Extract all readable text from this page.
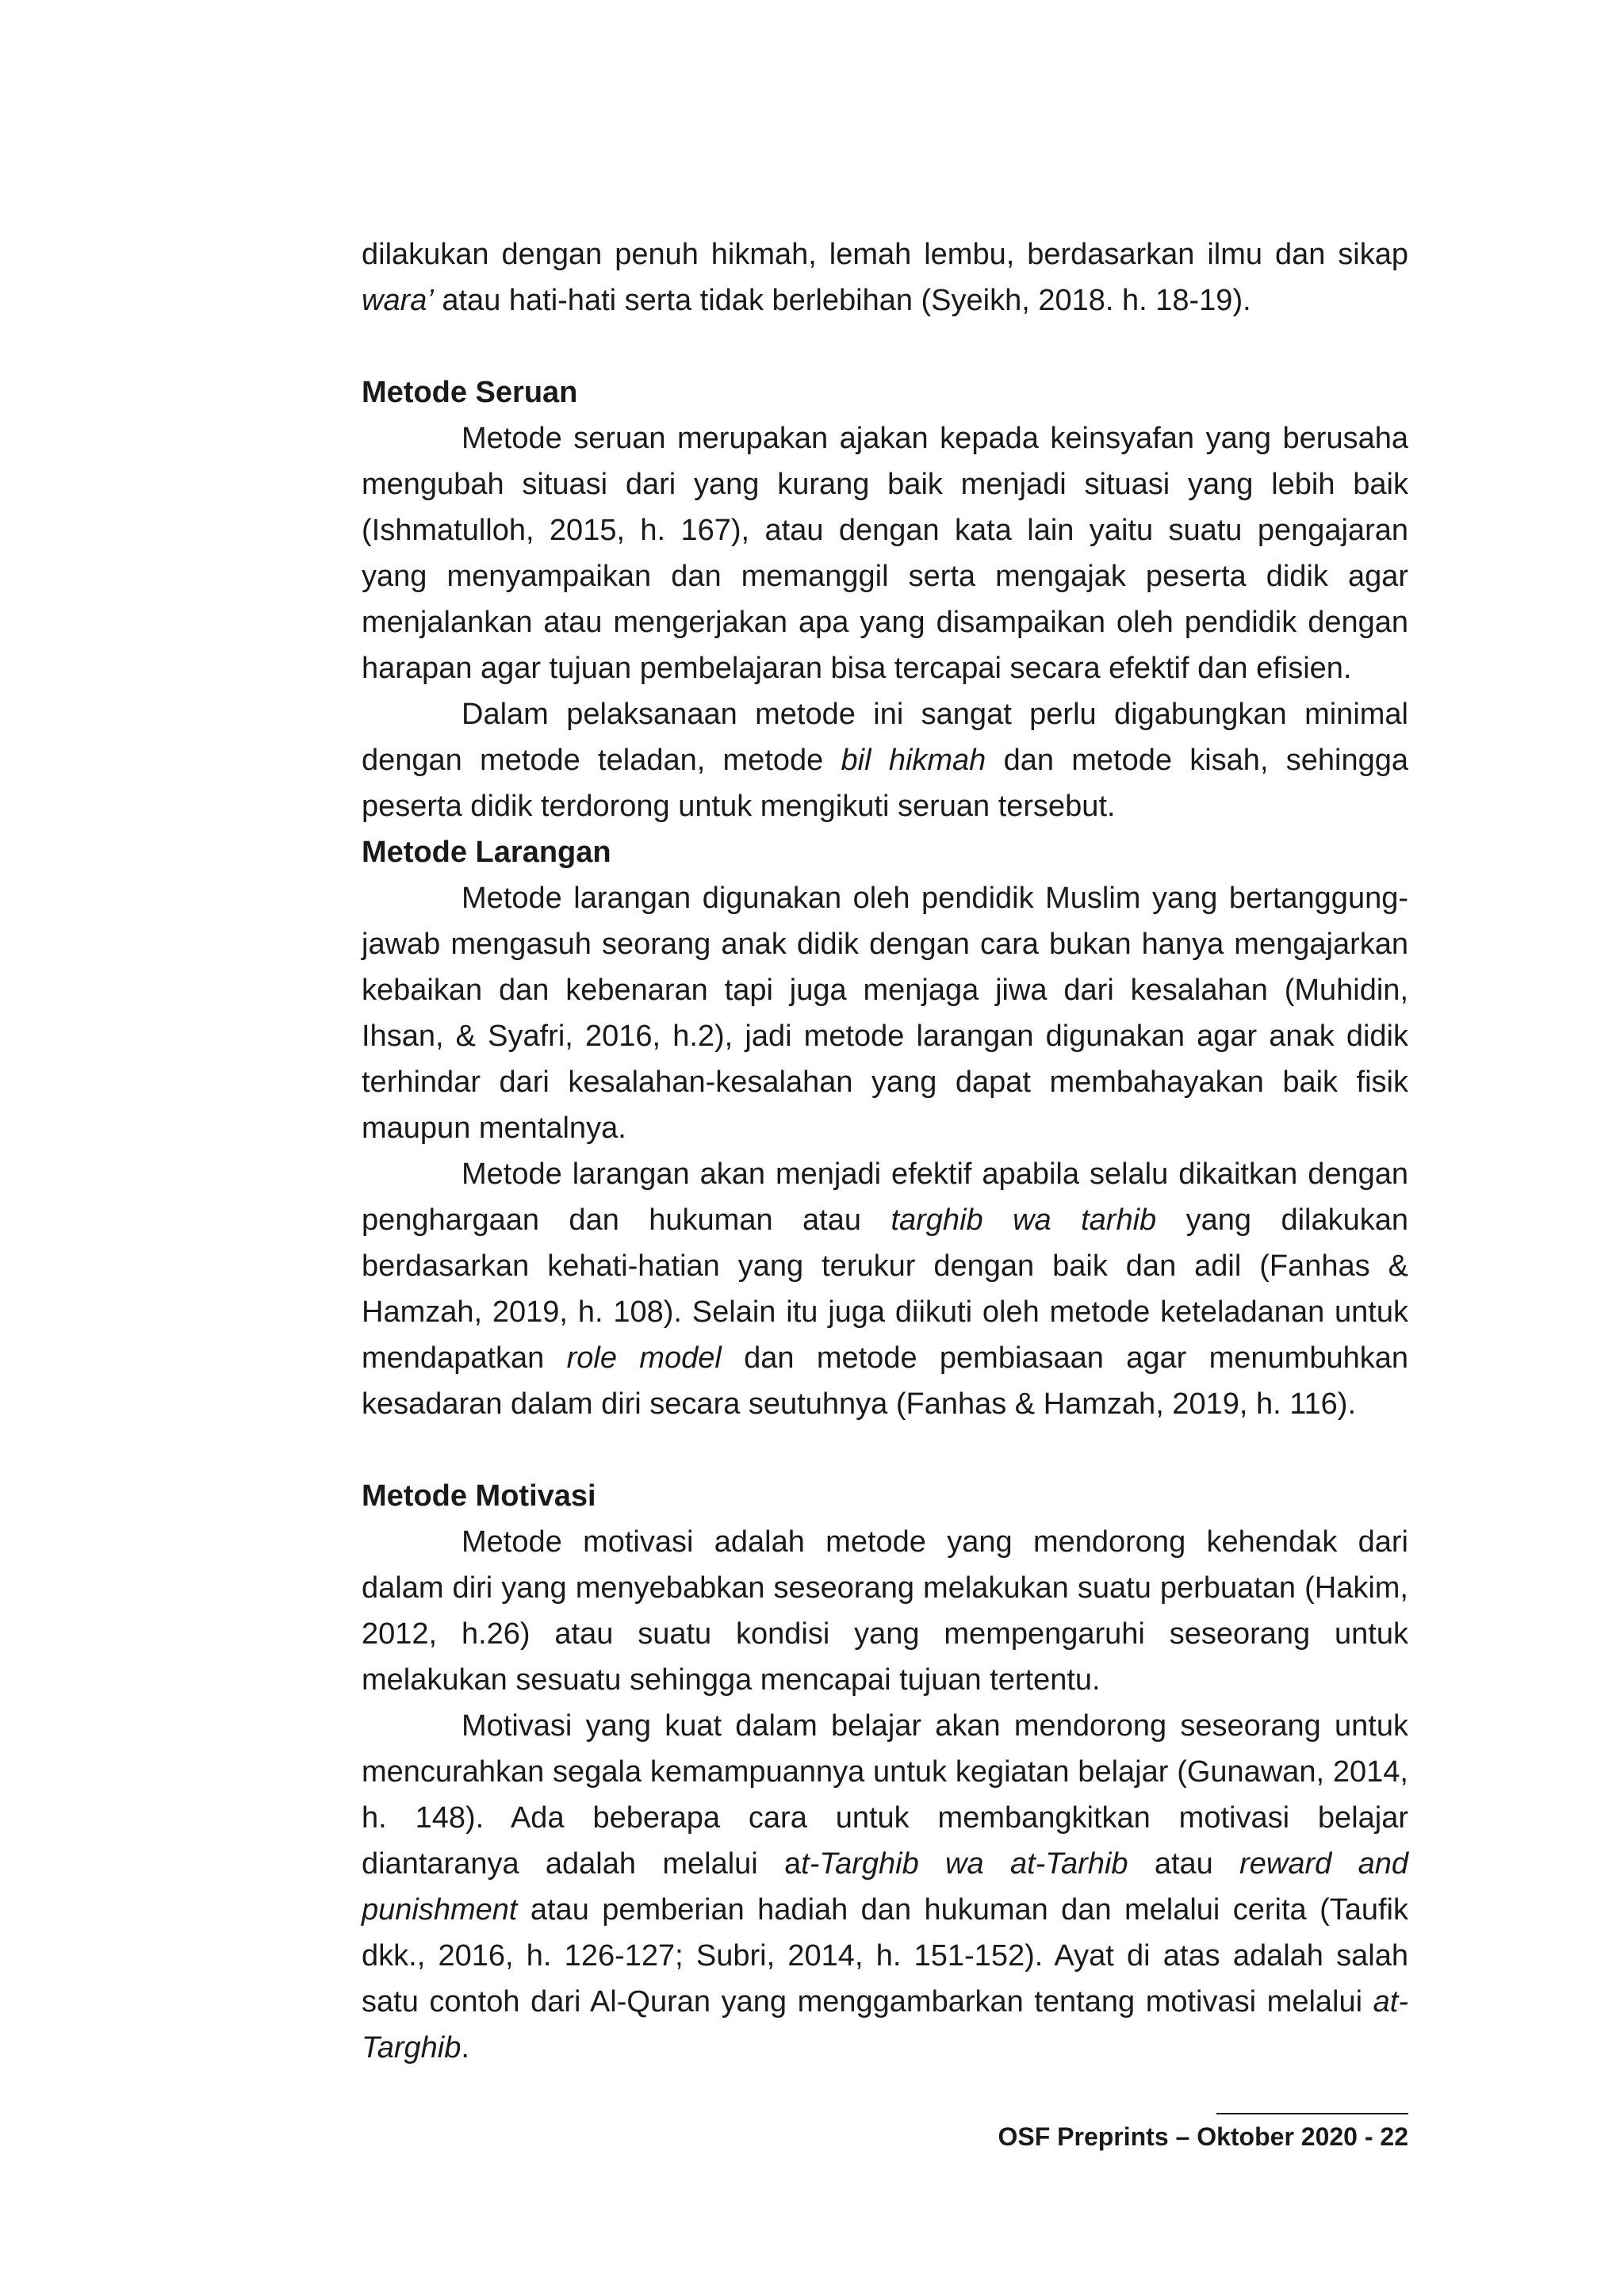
dilakukan dengan penuh hikmah, lemah lembu, berdasarkan ilmu dan sikap wara’ atau hati-hati serta tidak berlebihan (Syeikh, 2018. h. 18-19).

Metode Seruan

Metode seruan merupakan ajakan kepada keinsyafan yang berusaha mengubah situasi dari yang kurang baik menjadi situasi yang lebih baik (Ishmatulloh, 2015, h. 167), atau dengan kata lain yaitu suatu pengajaran yang menyampaikan dan memanggil serta mengajak peserta didik agar menjalankan atau mengerjakan apa yang disampaikan oleh pendidik dengan harapan agar tujuan pembelajaran bisa tercapai secara efektif dan efisien.

Dalam pelaksanaan metode ini sangat perlu digabungkan minimal dengan metode teladan, metode bil hikmah dan metode kisah, sehingga peserta didik terdorong untuk mengikuti seruan tersebut.

Metode Larangan

Metode larangan digunakan oleh pendidik Muslim yang bertanggung-jawab mengasuh seorang anak didik dengan cara bukan hanya mengajarkan kebaikan dan kebenaran tapi juga menjaga jiwa dari kesalahan (Muhidin, Ihsan, & Syafri, 2016, h.2), jadi metode larangan digunakan agar anak didik terhindar dari kesalahan-kesalahan yang dapat membahayakan baik fisik maupun mentalnya.

Metode larangan akan menjadi efektif apabila selalu dikaitkan dengan penghargaan dan hukuman atau targhib wa tarhib yang dilakukan berdasarkan kehati-hatian yang terukur dengan baik dan adil (Fanhas & Hamzah, 2019, h. 108). Selain itu juga diikuti oleh metode keteladanan untuk mendapatkan role model dan metode pembiasaan agar menumbuhkan kesadaran dalam diri secara seutuhnya (Fanhas & Hamzah, 2019, h. 116).

Metode Motivasi

Metode motivasi adalah metode yang mendorong kehendak dari dalam diri yang menyebabkan seseorang melakukan suatu perbuatan (Hakim, 2012, h.26) atau suatu kondisi yang mempengaruhi seseorang untuk melakukan sesuatu sehingga mencapai tujuan tertentu.

Motivasi yang kuat dalam belajar akan mendorong seseorang untuk mencurahkan segala kemampuannya untuk kegiatan belajar (Gunawan, 2014, h. 148). Ada beberapa cara untuk membangkitkan motivasi belajar diantaranya adalah melalui at-Targhib wa at-Tarhib atau reward and punishment atau pemberian hadiah dan hukuman dan melalui cerita (Taufik dkk., 2016, h. 126-127; Subri, 2014, h. 151-152). Ayat di atas adalah salah satu contoh dari Al-Quran yang menggambarkan tentang motivasi melalui at-Targhib.

OSF Preprints – Oktober 2020 - 22
